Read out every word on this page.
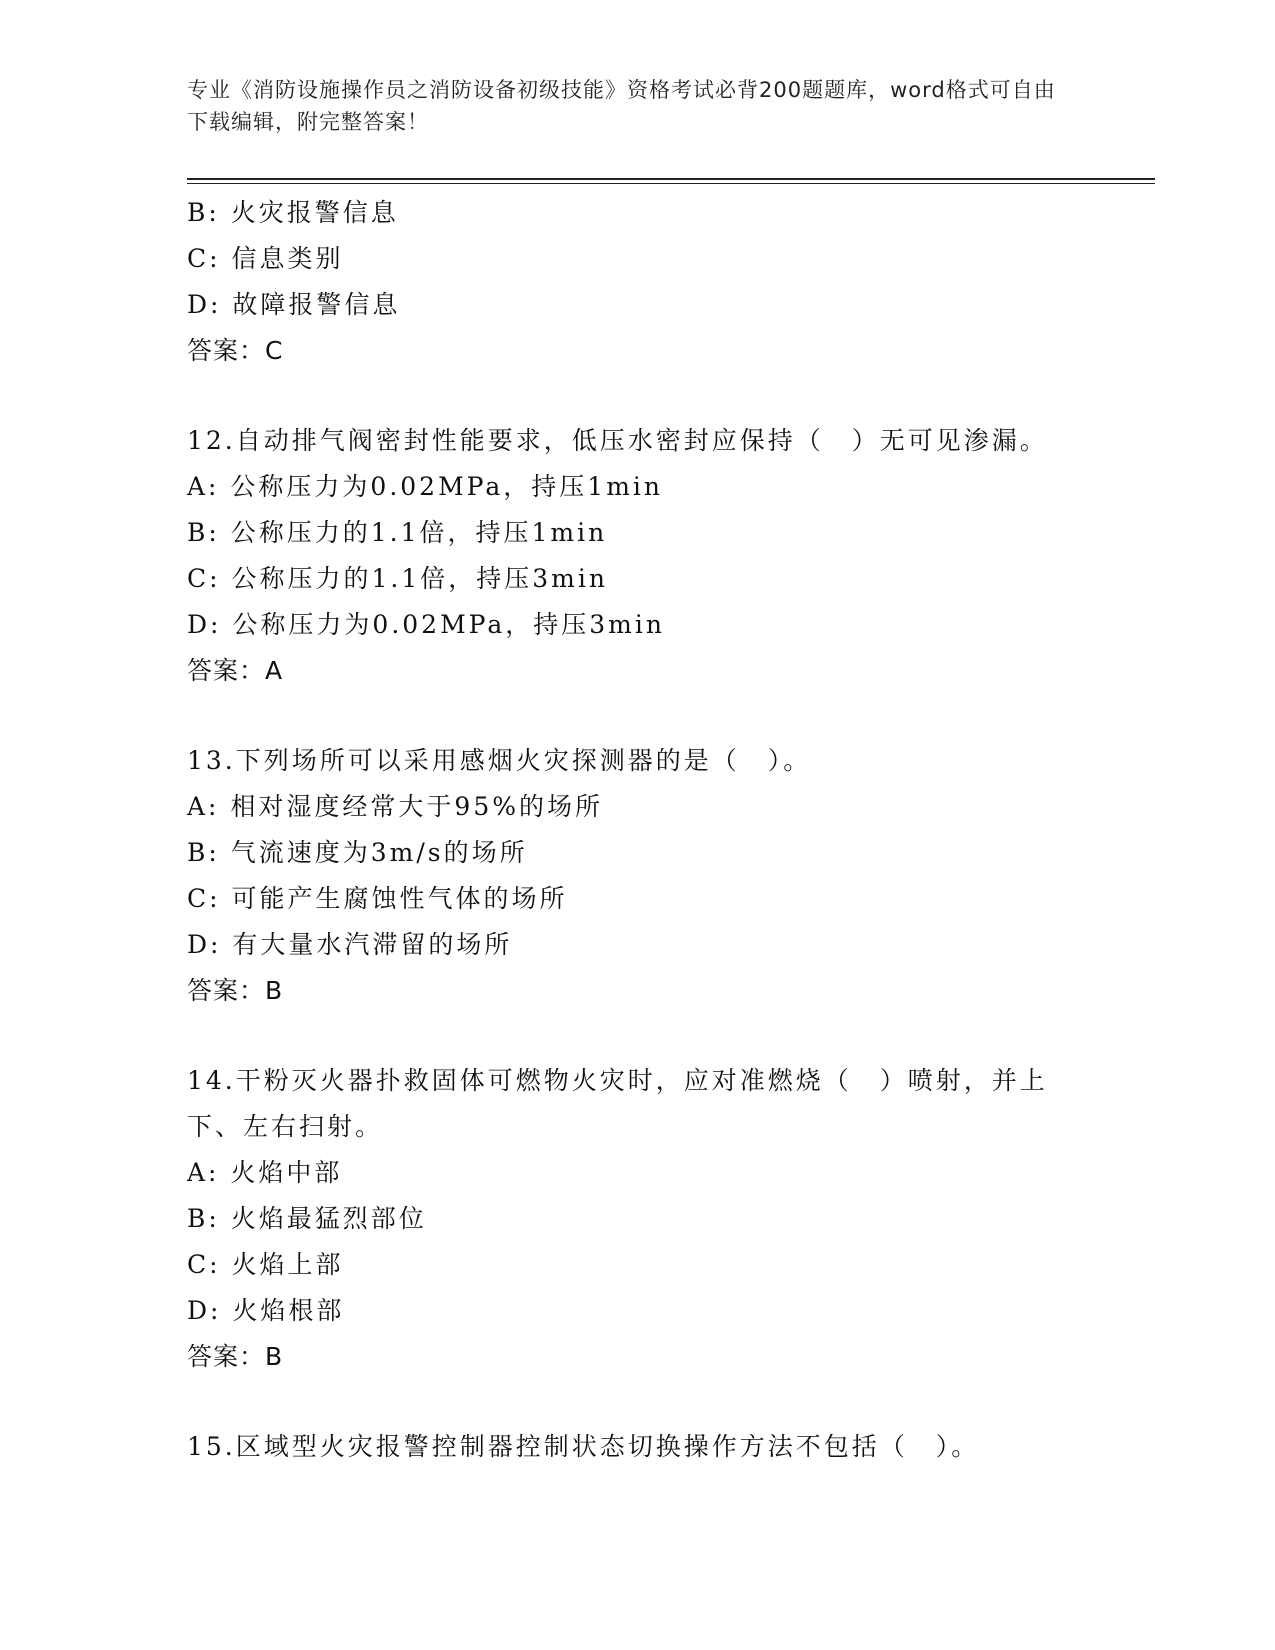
专业《消防设施操作员之消防设备初级技能》资格考试必背200题题库，word格式可自由下载编辑，附完整答案！
B: 火灾报警信息
C: 信息类别
D: 故障报警信息
答案：C
12.自动排气阀密封性能要求，低压水密封应保持（　）无可见渗漏。
A: 公称压力为0.02MPa，持压1min
B: 公称压力的1.1倍，持压1min
C: 公称压力的1.1倍，持压3min
D: 公称压力为0.02MPa，持压3min
答案：A
13.下列场所可以采用感烟火灾探测器的是（　）。
A: 相对湿度经常大于95%的场所
B: 气流速度为3m/s的场所
C: 可能产生腐蚀性气体的场所
D: 有大量水汽滞留的场所
答案：B
14.干粉灭火器扑救固体可燃物火灾时，应对准燃烧（　）喷射，并上下、左右扫射。
A: 火焰中部
B: 火焰最猛烈部位
C: 火焰上部
D: 火焰根部
答案：B
15.区域型火灾报警控制器控制状态切换操作方法不包括（　）。
